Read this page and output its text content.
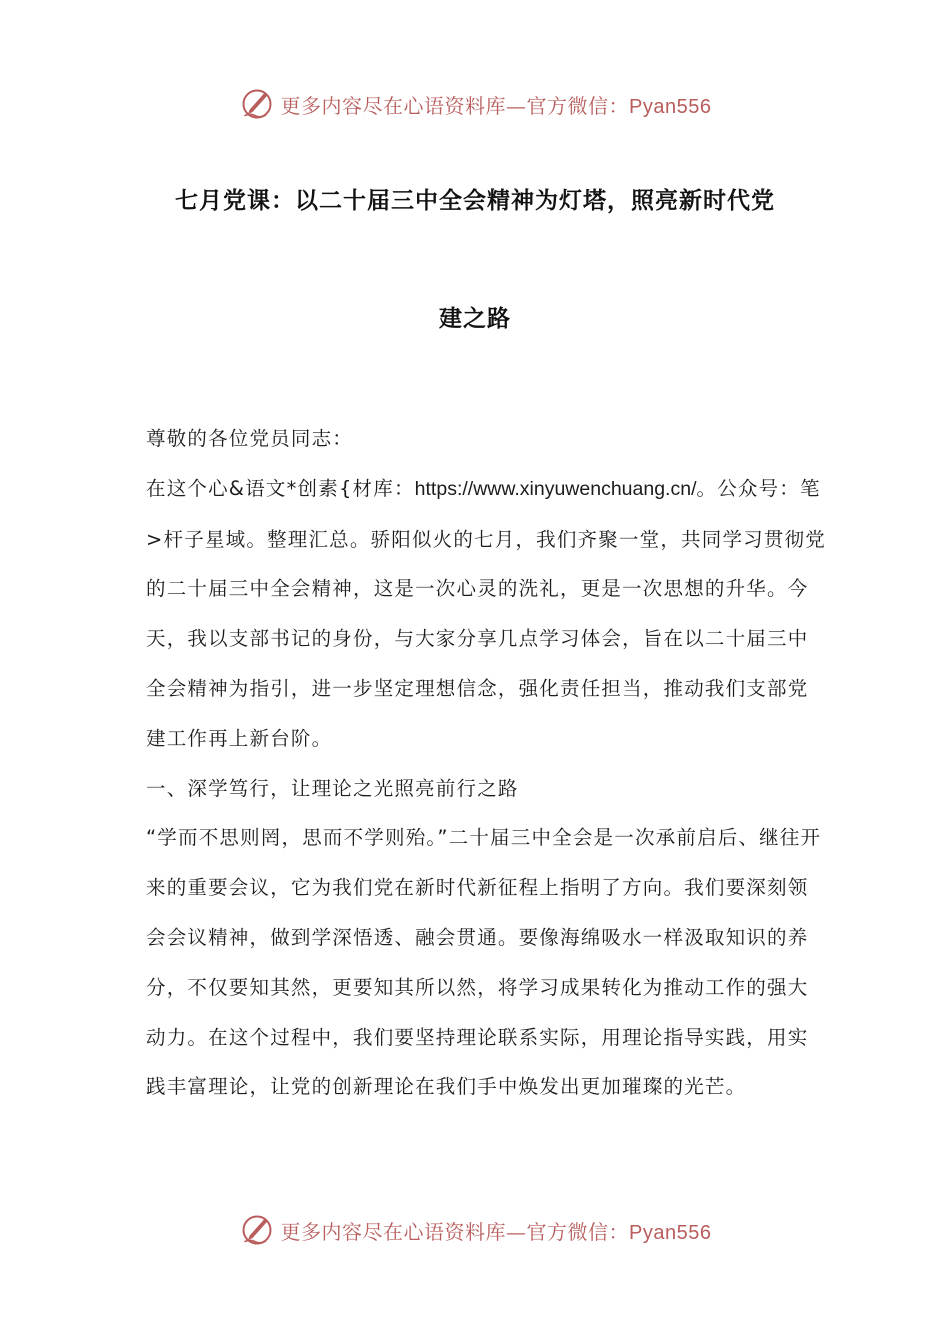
更多内容尽在心语资料库—官方微信：Pyan556
七月党课：以二十届三中全会精神为灯塔，照亮新时代党
建之路

尊敬的各位党员同志：

在这个心&语文*创素{材库：https://www.xinyuwenchuang.cn/。公众号：笔>杆子星域。整理汇总。骄阳似火的七月，我们齐聚一堂，共同学习贯彻党的二十届三中全会精神，这是一次心灵的洗礼，更是一次思想的升华。今天，我以支部书记的身份，与大家分享几点学习体会，旨在以二十届三中全会精神为指引，进一步坚定理想信念，强化责任担当，推动我们支部党建工作再上新台阶。

一、深学笃行，让理论之光照亮前行之路

“学而不思则罔，思而不学则殆。”二十届三中全会是一次承前启后、继往开来的重要会议，它为我们党在新时代新征程上指明了方向。我们要深刻领会会议精神，做到学深悟透、融会贯通。要像海绵吸水一样汲取知识的养分，不仅要知其然，更要知其所以然，将学习成果转化为推动工作的强大动力。在这个过程中，我们要坚持理论联系实际，用理论指导实践，用实践丰富理论，让党的创新理论在我们手中焕发出更加璀璨的光芒。

更多内容尽在心语资料库—官方微信：Pyan556
